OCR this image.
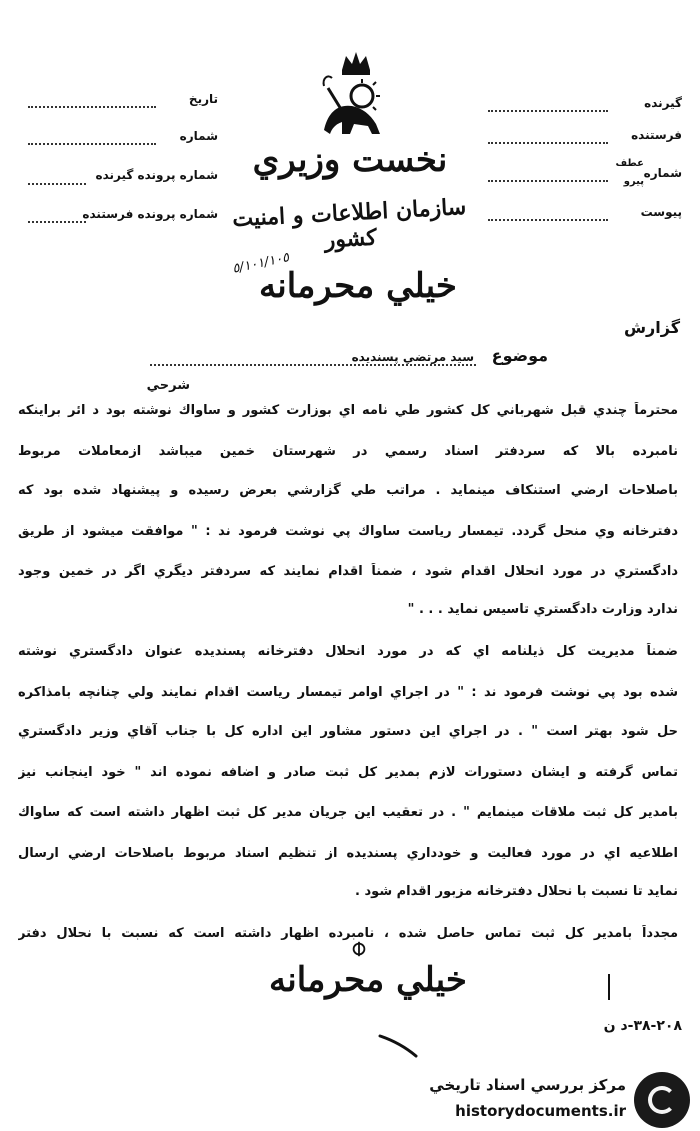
تاريخ
شماره
شماره پرونده گيرنده
شماره پرونده فرستنده
گيرنده
فرستنده
شماره
عطف
پيرو
پيوست
نخست وزيري
سازمان اطلاعات و امنيت كشور
٥/١٠١/١٠٥
خيلي محرمانه
گزارش
موضوع
سيد مرتضي پسنديده
شرحي
محترماً چندي قبل شهرباني كل كشور طي نامه اي بوزارت كشور و ساواك نوشته بود د ائر براينكه
نامبرده بالا كه سردفتر اسناد رسمي در شهرستان خمين ميباشد ازمعاملات مربوط
باصلاحات ارضي استنكاف مينمايد . مراتب طي گزارشي بعرض رسيده و پيشنهاد شده بود كه
دفترخانه وي منحل گردد. تيمسار رياست ساواك پي نوشت فرمود ند : " موافقت ميشود از طريق
دادگستري در مورد انحلال اقدام شود ، ضمناً اقدام نمايند كه سردفتر ديگري اگر در خمين وجود
ندارد وزارت دادگستري تاسيس نمايد . . . "
ضمناً مديريت كل ذيلنامه اي كه در مورد انحلال دفترخانه پسنديده عنوان دادگستري نوشته
شده بود پي نوشت فرمود ند : " در اجراي اوامر تيمسار رياست اقدام نمايند ولي چنانچه بامذاكره
حل شود بهتر است " . در اجراي اين دستور مشاور اين اداره كل با جناب آقاي وزير دادگستري
تماس گرفته و ايشان دستورات لازم بمدير كل ثبت صادر و اضافه نموده اند " خود اينجانب نيز
بامدير كل ثبت ملاقات مينمايم " . در تعقيب اين جريان مدير كل ثبت اظهار داشته است كه ساواك
اطلاعيه اي در مورد فعاليت و خودداري پسنديده از تنظيم اسناد مربوط باصلاحات ارضي ارسال
نمايد تا نسبت با نحلال دفترخانه مزبور اقدام شود .
مجدداً بامدير كل ثبت تماس حاصل شده ، نامبرده اظهار داشته است كه نسبت با نحلال دفتر
خيلي محرمانه
۳۸-۲۰۸-د ن
مركز بررسي اسناد تاريخي
historydocuments.ir
